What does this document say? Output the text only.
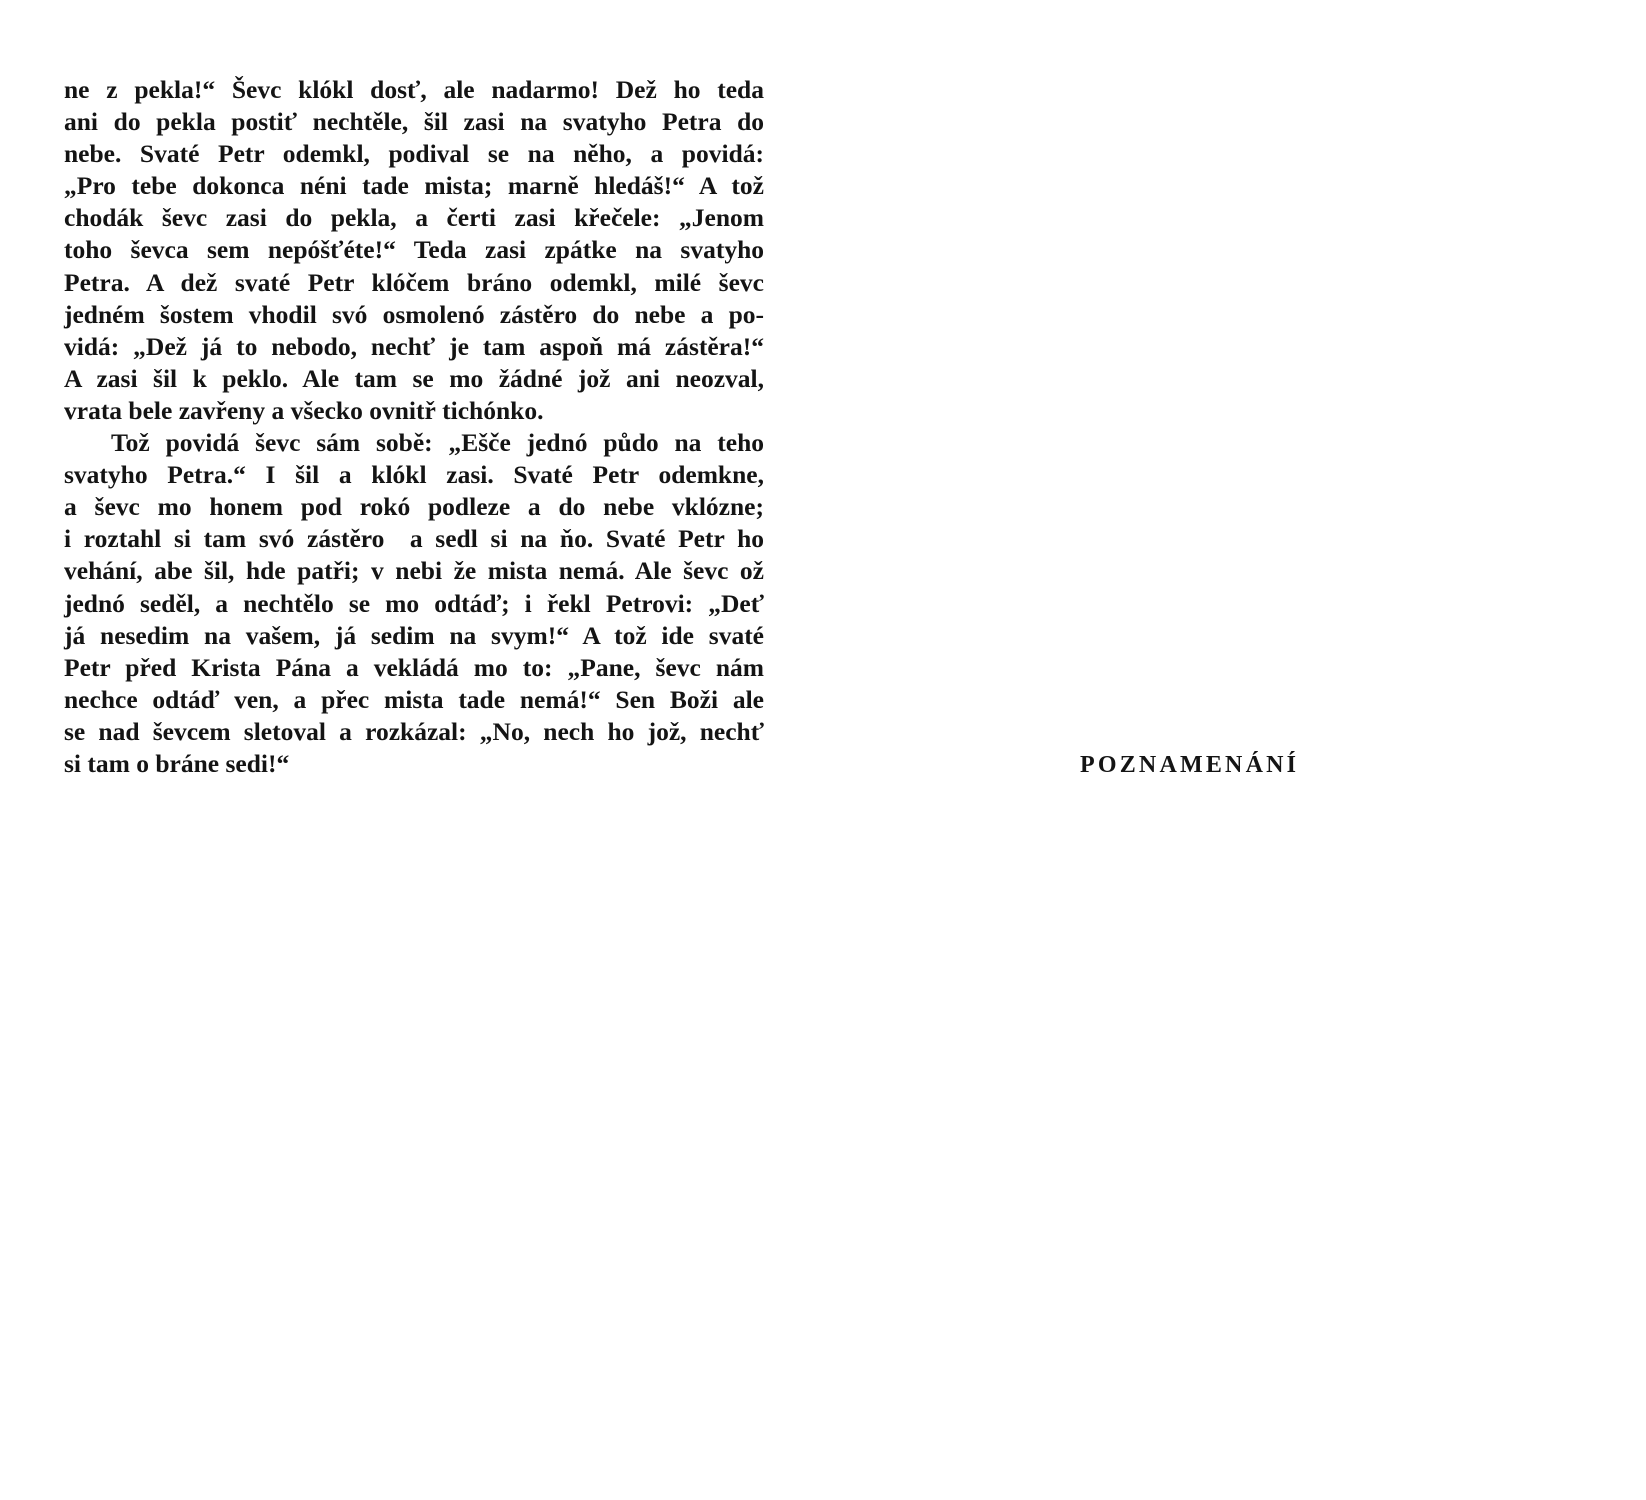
ne z pekla!“ Ševc klókl dosť, ale nadarmo! Dež ho teda
ani do pekla postiť nechtěle, šil zasi na svatyho Petra do
nebe. Svaté Petr odemkl, podival se na něho, a povidá:
„Pro tebe dokonca néni tade mista; marně hledáš!“ A tož
chodák ševc zasi do pekla, a čerti zasi křečele: „Jenom
toho ševca sem nepóšťéte!“ Teda zasi zpátke na svatyho
Petra. A dež svaté Petr klóčem bráno odemkl, milé ševc
jedném šostem vhodil svó osmolenó zástěro do nebe a po-
vidá: „Dež já to nebodo, nechť je tam aspoň má zástěra!“
A zasi šil k peklo. Ale tam se mo žádné jož ani neozval,
vrata bele zavřeny a všecko ovnitř tichónko.
Tož povidá ševc sám sobě: „Ešče jednó půdo na teho
svatyho Petra.“ I šil a klókl zasi. Svaté Petr odemkne,
a ševc mo honem pod rokó podleze a do nebe vklózne;
i roztahl si tam svó zástěro  a sedl si na ňo. Svaté Petr ho
vehání, abe šil, hde patři; v nebi že mista nemá. Ale ševc ož
jednó seděl, a nechtělo se mo odtáď; i řekl Petrovi: „Deť
já nesedim na vašem, já sedim na svym!“ A tož ide svaté
Petr před Krista Pána a vekládá mo to: „Pane, ševc nám
nechce odtáď ven, a přec mista tade nemá!“ Sen Boži ale
se nad ševcem sletoval a rozkázal: „No, nech ho jož, nechť
si tam o bráne sedi!“	POZNAMENÁNÍ
